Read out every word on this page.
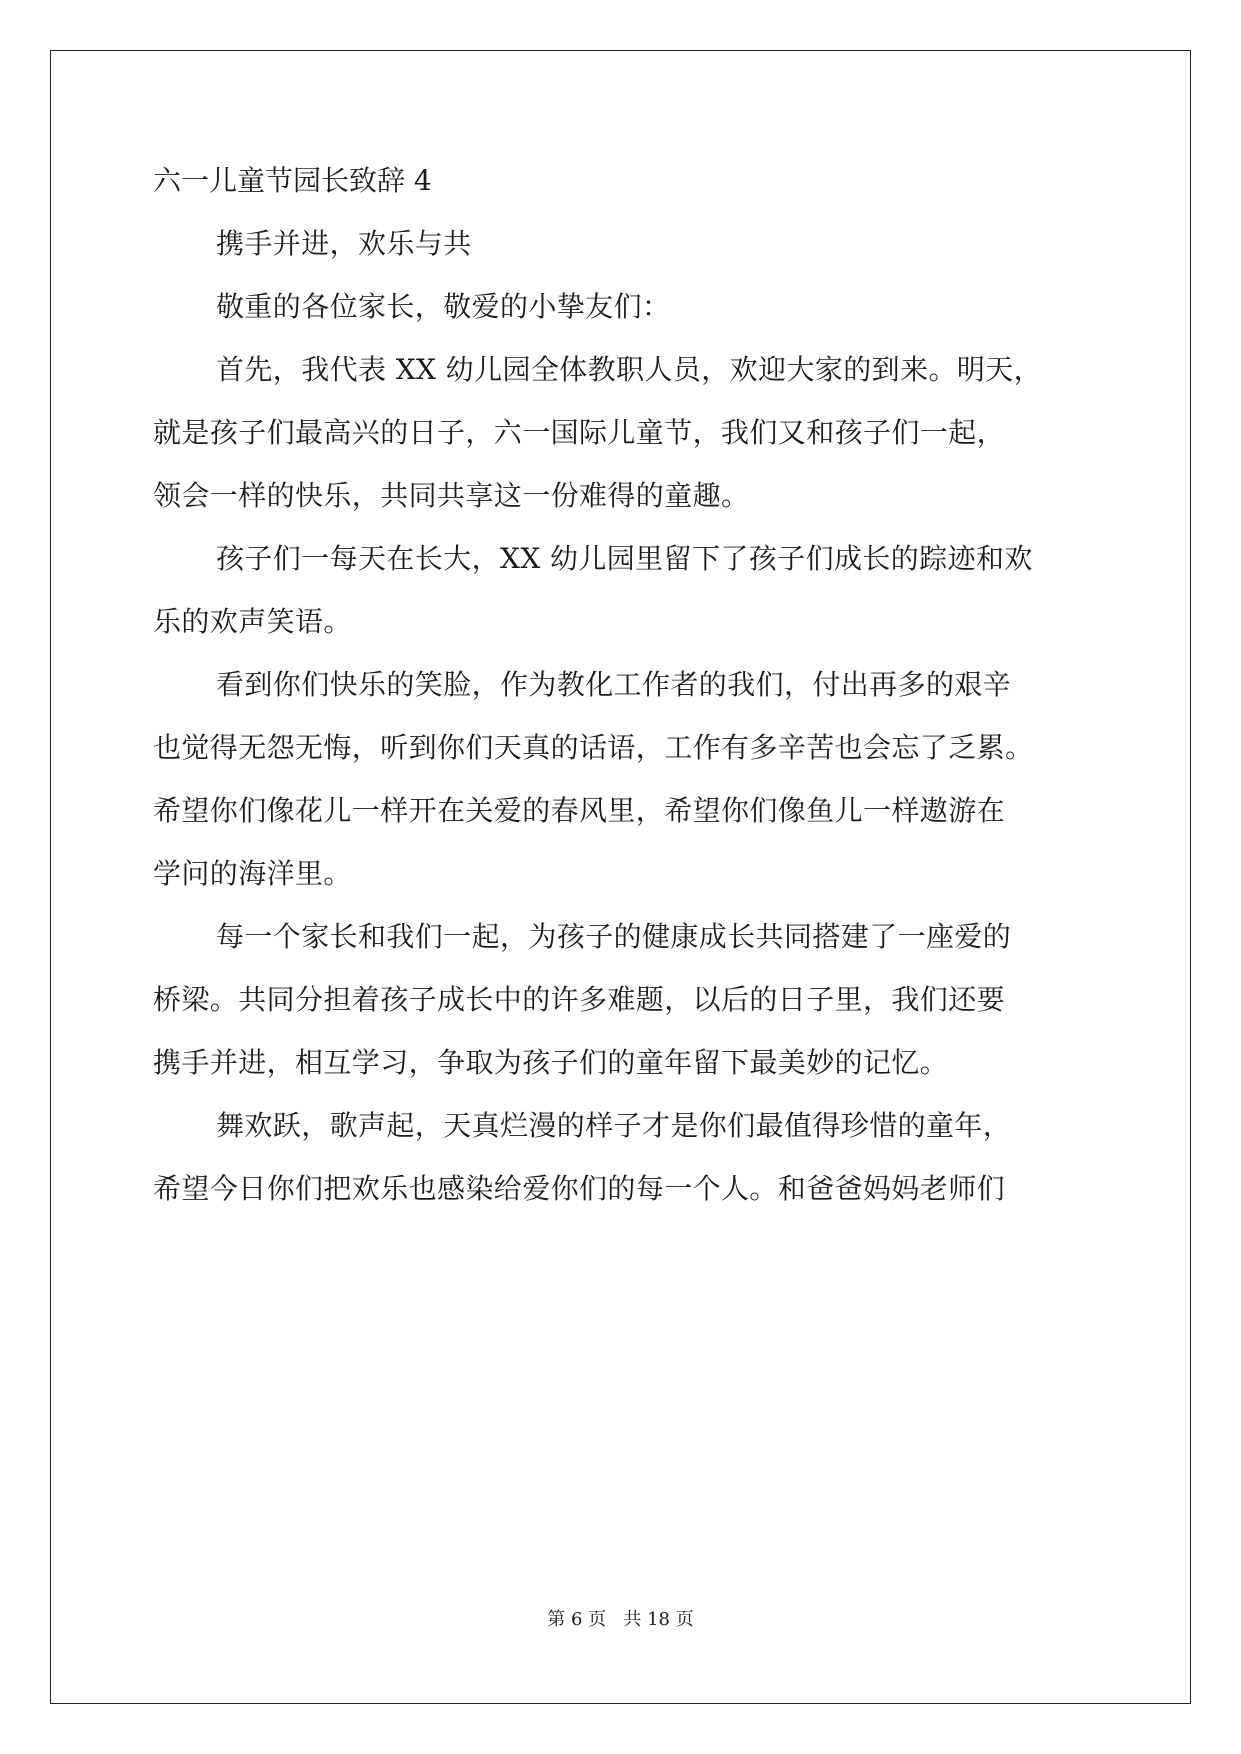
六一儿童节园长致辞 4
携手并进，欢乐与共
敬重的各位家长，敬爱的小挚友们：
首先，我代表 XX 幼儿园全体教职人员，欢迎大家的到来。明天，
就是孩子们最高兴的日子，六一国际儿童节，我们又和孩子们一起，
领会一样的快乐，共同共享这一份难得的童趣。
孩子们一每天在长大，XX 幼儿园里留下了孩子们成长的踪迹和欢
乐的欢声笑语。
看到你们快乐的笑脸，作为教化工作者的我们，付出再多的艰辛
也觉得无怨无悔，听到你们天真的话语，工作有多辛苦也会忘了乏累。
希望你们像花儿一样开在关爱的春风里，希望你们像鱼儿一样遨游在
学问的海洋里。
每一个家长和我们一起，为孩子的健康成长共同搭建了一座爱的
桥梁。共同分担着孩子成长中的许多难题，以后的日子里，我们还要
携手并进，相互学习，争取为孩子们的童年留下最美妙的记忆。
舞欢跃，歌声起，天真烂漫的样子才是你们最值得珍惜的童年，
希望今日你们把欢乐也感染给爱你们的每一个人。和爸爸妈妈老师们
第 6 页   共 18 页
